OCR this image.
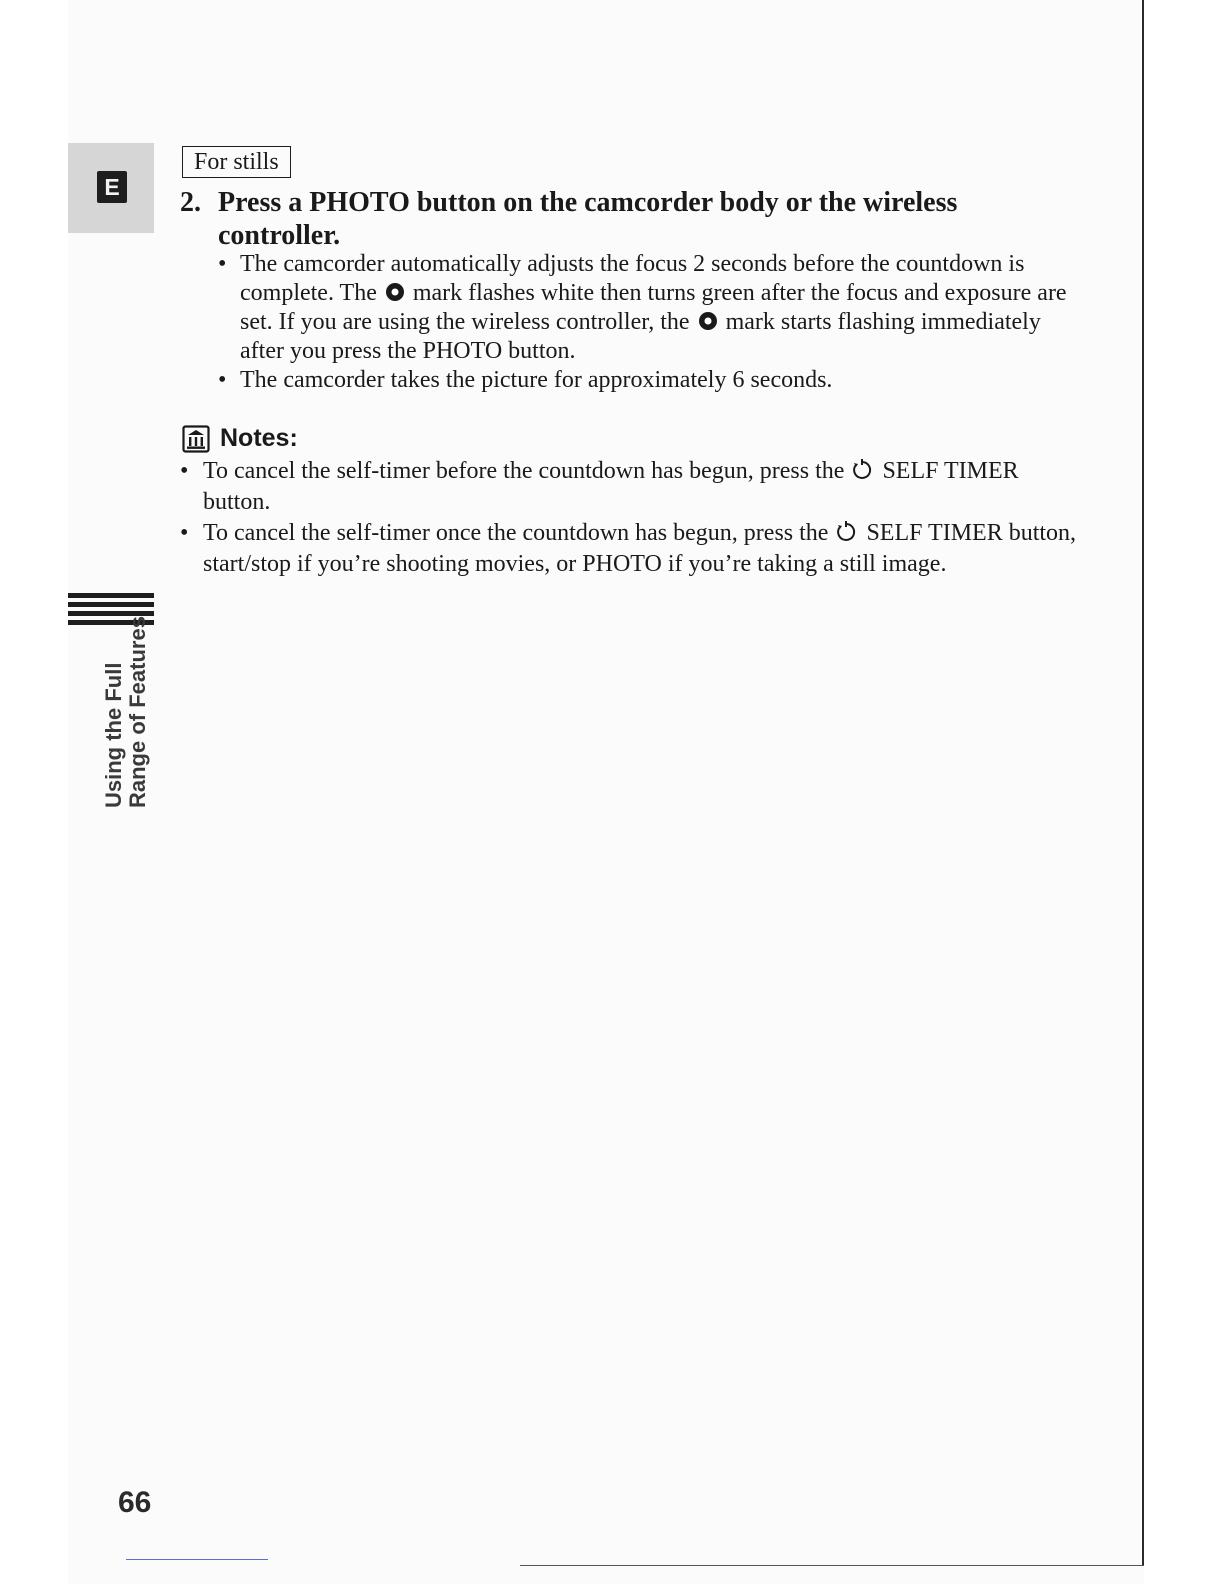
E
Using the Full Range of Features
For stills
2. Press a PHOTO button on the camcorder body or the wireless controller.
• The camcorder automatically adjusts the focus 2 seconds before the countdown is complete. The mark flashes white then turns green after the focus and exposure are set. If you are using the wireless controller, the mark starts flashing immediately after you press the PHOTO button.
• The camcorder takes the picture for approximately 6 seconds.
Notes:
• To cancel the self-timer before the countdown has begun, press the SELF TIMER button.
• To cancel the self-timer once the countdown has begun, press the SELF TIMER button, start/stop if you’re shooting movies, or PHOTO if you’re taking a still image.
66
